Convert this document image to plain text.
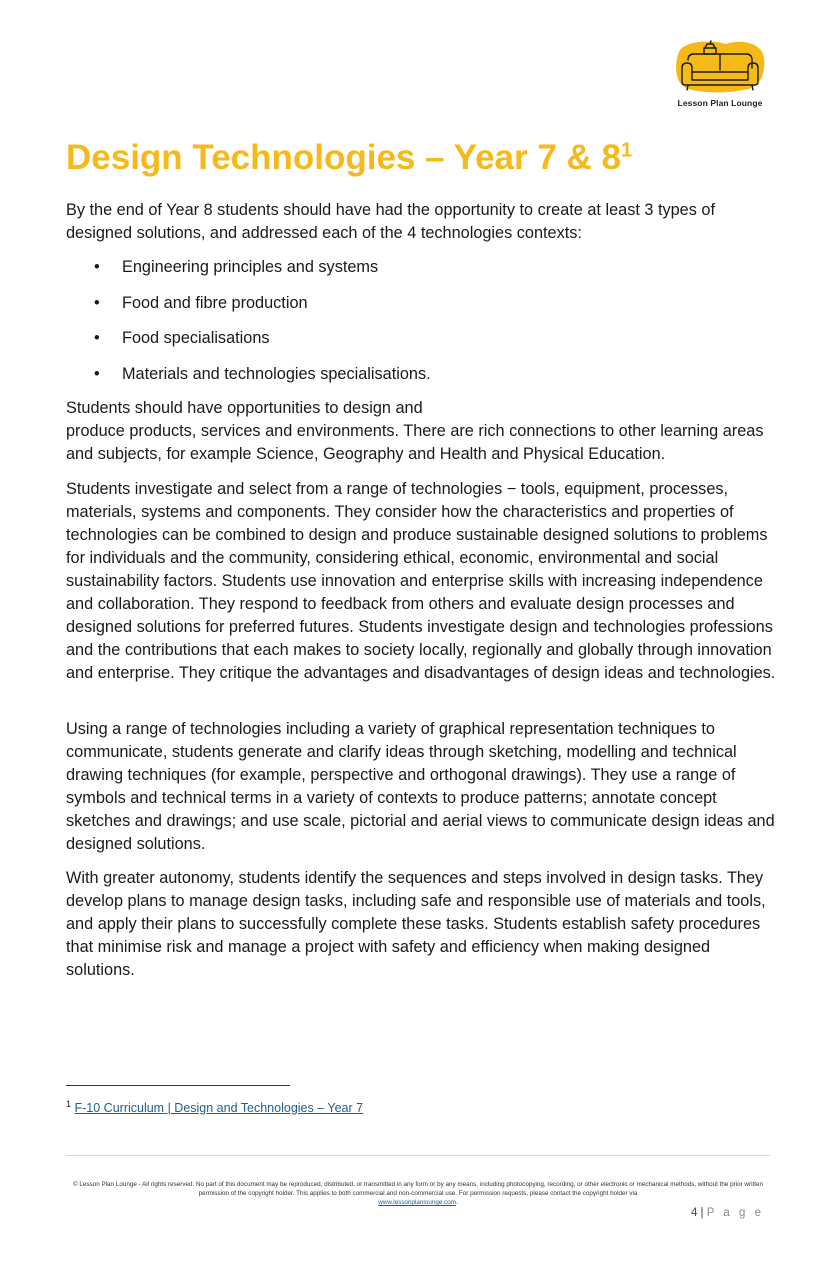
Lesson Plan Lounge
Design Technologies – Year 7 & $8^1$

By the end of Year 8 students should have had the opportunity to create at least 3 types of designed solutions, and addressed each of the 4 technologies contexts:

• Engineering principles and systems
• Food and fibre production
• Food specialisations
• Materials and technologies specialisations.

Students should have opportunities to design and
produce products, services and environments. There are rich connections to other learning areas and subjects, for example Science, Geography and Health and Physical Education.

Students investigate and select from a range of technologies − tools, equipment, processes, materials, systems and components. They consider how the characteristics and properties of technologies can be combined to design and produce sustainable designed solutions to problems for individuals and the community, considering ethical, economic, environmental and social sustainability factors. Students use innovation and enterprise skills with increasing independence and collaboration. They respond to feedback from others and evaluate design processes and designed solutions for preferred futures. Students investigate design and technologies professions and the contributions that each makes to society locally, regionally and globally through innovation and enterprise. They critique the advantages and disadvantages of design ideas and technologies.

Using a range of technologies including a variety of graphical representation techniques to communicate, students generate and clarify ideas through sketching, modelling and technical drawing techniques (for example, perspective and orthogonal drawings). They use a range of symbols and technical terms in a variety of contexts to produce patterns; annotate concept sketches and drawings; and use scale, pictorial and aerial views to communicate design ideas and designed solutions.

With greater autonomy, students identify the sequences and steps involved in design tasks. They develop plans to manage design tasks, including safe and responsible use of materials and tools, and apply their plans to successfully complete these tasks. Students establish safety procedures that minimise risk and manage a project with safety and efficiency when making designed solutions.

$^1$ F-10 Curriculum | Design and Technologies – Year 7
© Lesson Plan Lounge - All rights reserved. No part of this document may be reproduced, distributed, or transmitted in any form or by any means, including photocopying, recording, or other electronic or mechanical methods, without the prior written permission of the copyright holder. This applies to both commercial and non-commercial use. For permission requests, please contact the copyright holder via
www.lessonplanlounge.com.
4 | P a g e
